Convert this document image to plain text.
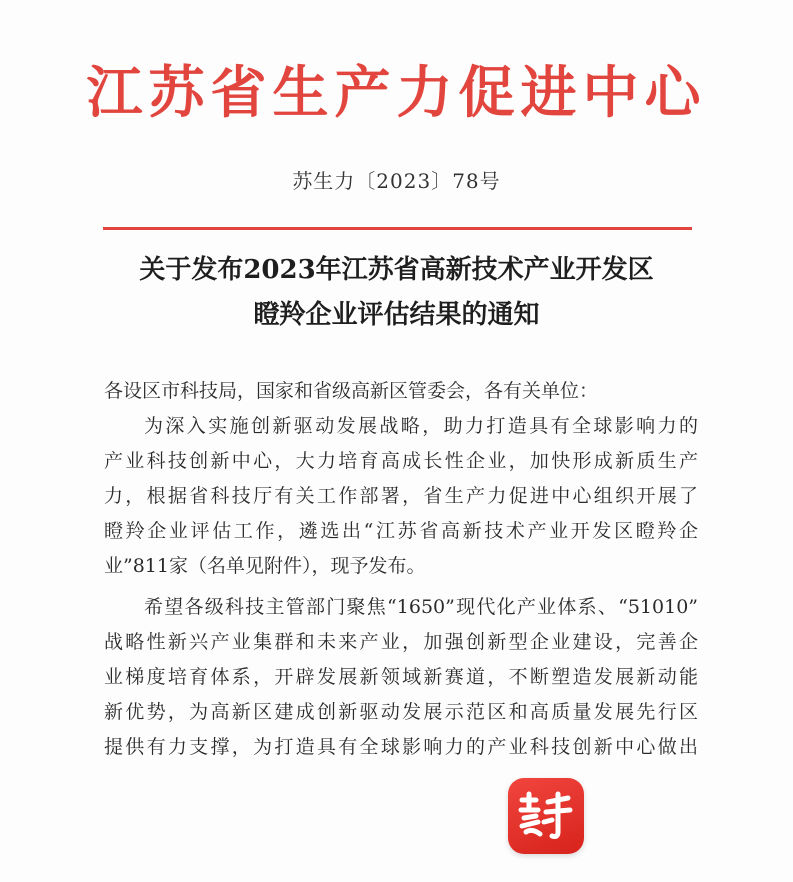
江苏省生产力促进中心
苏生力〔2023〕78号
关于发布2023年江苏省高新技术产业开发区
瞪羚企业评估结果的通知
各设区市科技局，国家和省级高新区管委会，各有关单位：
为深入实施创新驱动发展战略，助力打造具有全球影响力的
产业科技创新中心，大力培育高成长性企业，加快形成新质生产
力，根据省科技厅有关工作部署，省生产力促进中心组织开展了
瞪羚企业评估工作，遴选出“江苏省高新技术产业开发区瞪羚企
业”811家（名单见附件），现予发布。
希望各级科技主管部门聚焦“1650”现代化产业体系、“51010”
战略性新兴产业集群和未来产业，加强创新型企业建设，完善企
业梯度培育体系，开辟发展新领域新赛道，不断塑造发展新动能
新优势，为高新区建成创新驱动发展示范区和高质量发展先行区
提供有力支撑，为打造具有全球影响力的产业科技创新中心做出
